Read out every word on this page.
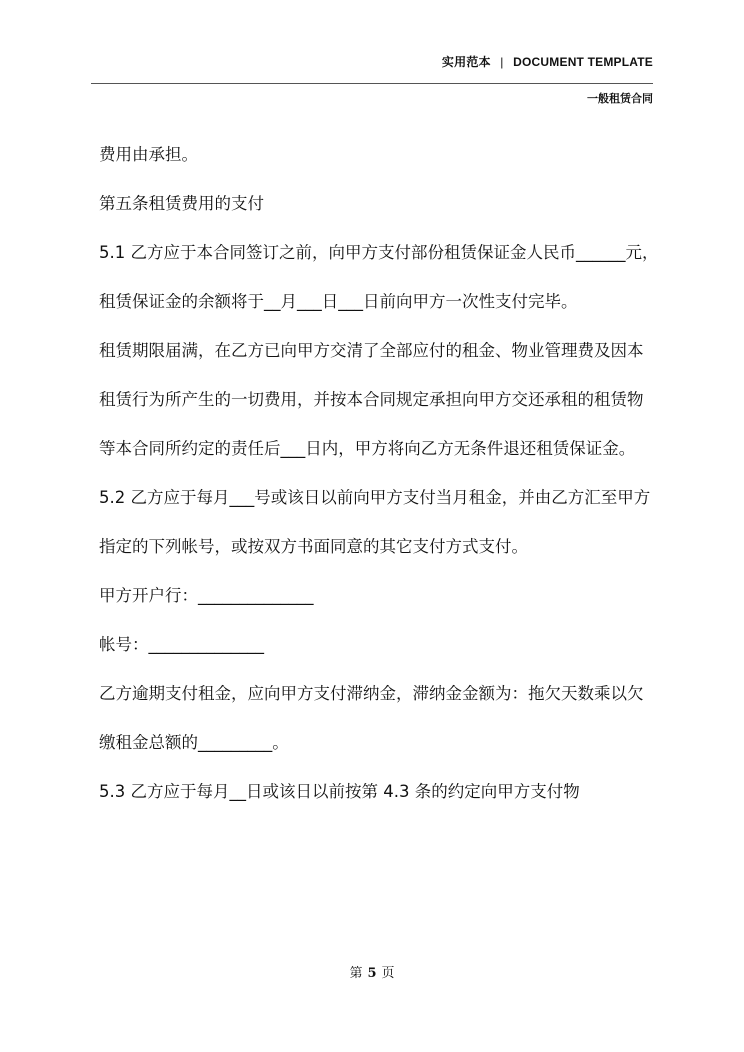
实用范本 | DOCUMENT TEMPLATE
一般租赁合同

费用由承担。

第五条租赁费用的支付

5.1 乙方应于本合同签订之前，向甲方支付部份租赁保证金人民币______元，租赁保证金的余额将于__月___日___日前向甲方一次性支付完毕。

租赁期限届满，在乙方已向甲方交清了全部应付的租金、物业管理费及因本租赁行为所产生的一切费用，并按本合同规定承担向甲方交还承租的租赁物等本合同所约定的责任后___日内，甲方将向乙方无条件退还租赁保证金。

5.2 乙方应于每月___号或该日以前向甲方支付当月租金，并由乙方汇至甲方指定的下列帐号，或按双方书面同意的其它支付方式支付。

甲方开户行：______________

帐号：______________

乙方逾期支付租金，应向甲方支付滞纳金，滞纳金金额为：拖欠天数乘以欠缴租金总额的_________。

5.3 乙方应于每月__日或该日以前按第 4.3 条的约定向甲方支付物

第 5 页
